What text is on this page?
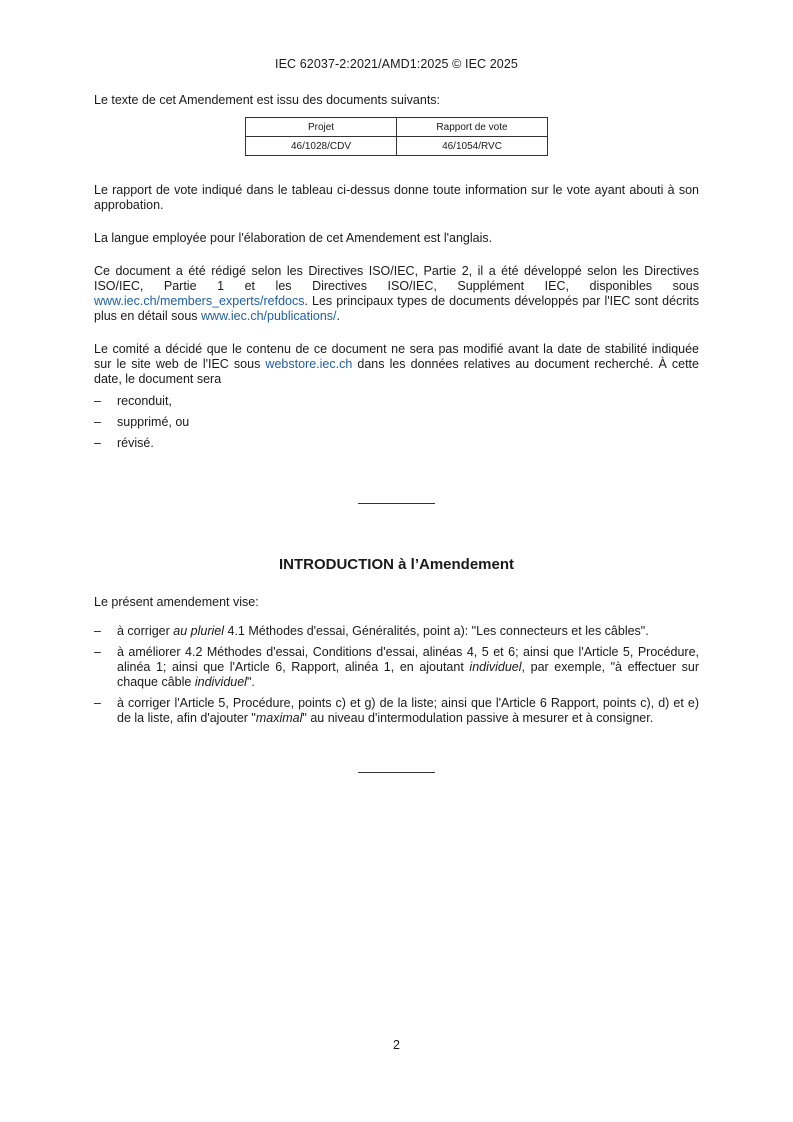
IEC 62037-2:2021/AMD1:2025 © IEC 2025

Le texte de cet Amendement est issu des documents suivants:

Projet	Rapport de vote
46/1028/CDV	46/1054/RVC

Le rapport de vote indiqué dans le tableau ci-dessus donne toute information sur le vote ayant abouti à son approbation.

La langue employée pour l'élaboration de cet Amendement est l'anglais.

Ce document a été rédigé selon les Directives ISO/IEC, Partie 2, il a été développé selon les Directives ISO/IEC, Partie 1 et les Directives ISO/IEC, Supplément IEC, disponibles sous www.iec.ch/members_experts/refdocs. Les principaux types de documents développés par l'IEC sont décrits plus en détail sous www.iec.ch/publications/.

Le comité a décidé que le contenu de ce document ne sera pas modifié avant la date de stabilité indiquée sur le site web de l'IEC sous webstore.iec.ch dans les données relatives au document recherché. À cette date, le document sera

– reconduit,
– supprimé, ou
– révisé.
INTRODUCTION à l’Amendement

Le présent amendement vise:

– à corriger au pluriel 4.1 Méthodes d'essai, Généralités, point a): "Les connecteurs et les câbles".
– à améliorer 4.2 Méthodes d'essai, Conditions d'essai, alinéas 4, 5 et 6; ainsi que l'Article 5, Procédure, alinéa 1; ainsi que l'Article 6, Rapport, alinéa 1, en ajoutant individuel, par exemple, "à effectuer sur chaque câble individuel".
– à corriger l'Article 5, Procédure, points c) et g) de la liste; ainsi que l'Article 6 Rapport, points c), d) et e) de la liste, afin d'ajouter "maximal" au niveau d'intermodulation passive à mesurer et à consigner.
2
